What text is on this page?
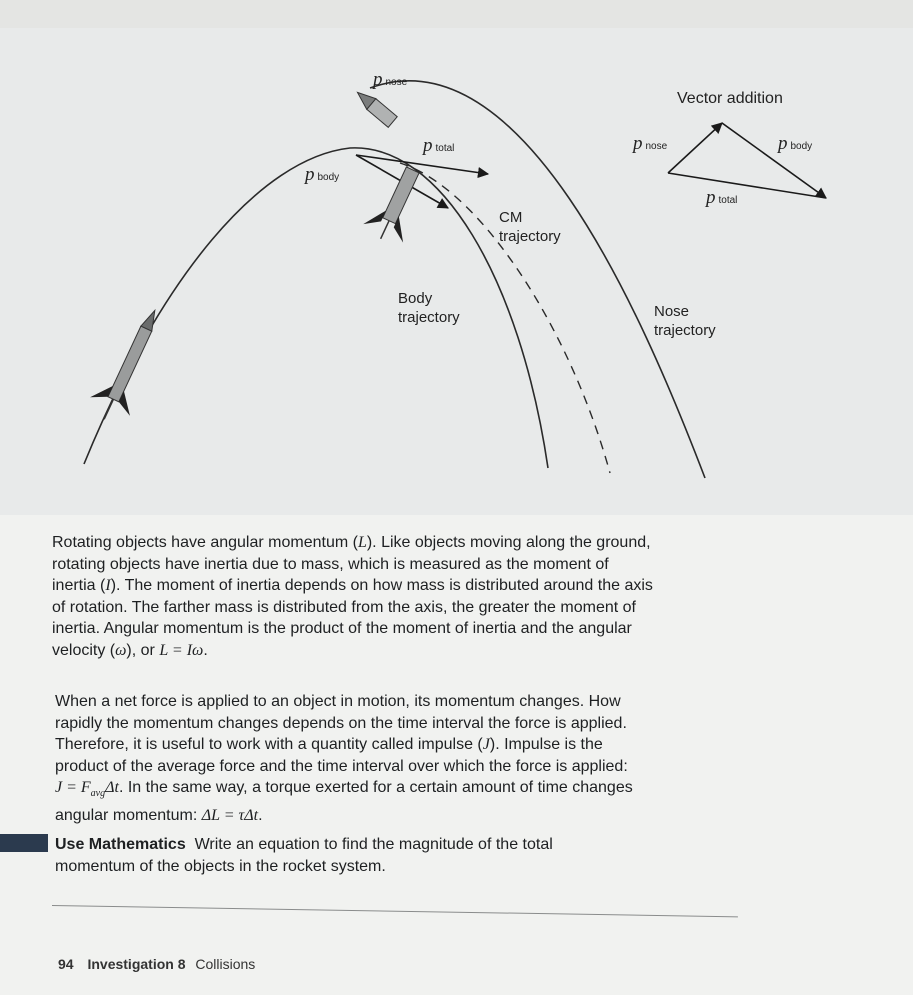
pnose
ptotal
pbody
Vector addition
pnose	pbody
ptotal
CM
trajectory
Body
trajectory	Nose
trajectory

Rotating objects have angular momentum (L). Like objects moving along the ground,

rotating objects have inertia due to mass, which is measured as the moment of

inertia (I). The moment of inertia depends on how mass is distributed around the axis

of rotation. The farther mass is distributed from the axis, the greater the moment of

inertia. Angular momentum is the product of the moment of inertia and the angular

velocity (ω), or L = Iω.

When a net force is applied to an object in motion, its momentum changes. How

rapidly the momentum changes depends on the time interval the force is applied.

Therefore, it is useful to work with a quantity called impulse (J). Impulse is the

product of the average force and the time interval over which the force is applied:

$J = F_{avg}\Delta t$. In the same way, a torque exerted for a certain amount of time changes

angular momentum: ΔL = τΔt.

Use Mathematics Write an equation to find the magnitude of the total
momentum of the objects in the rocket system.
94 Investigation 8 Collisions
